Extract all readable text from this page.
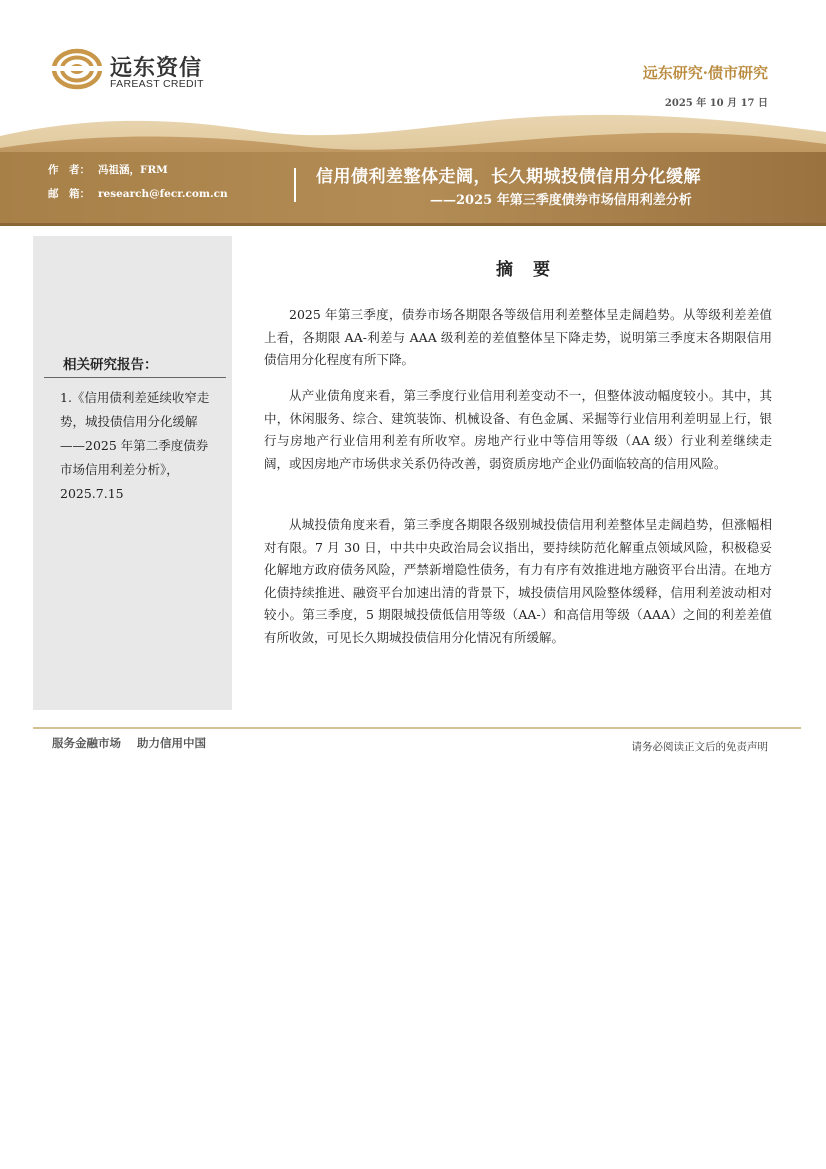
远东资信
FAREAST CREDIT
远东研究·债市研究
2025 年 10 月 17 日
作　者： 冯祖涵，FRM
邮　箱： research@fecr.com.cn
信用债利差整体走阔，长久期城投债信用分化缓解
——2025 年第三季度债券市场信用利差分析
相关研究报告：
1.《信用债利差延续收窄走势，城投债信用分化缓解——2025 年第二季度债券市场信用利差分析》，2025.7.15
摘要

2025 年第三季度，债券市场各期限各等级信用利差整体呈走阔趋势。从等级利差差值上看，各期限 AA-利差与 AAA 级利差的差值整体呈下降走势，说明第三季度末各期限信用债信用分化程度有所下降。

从产业债角度来看，第三季度行业信用利差变动不一，但整体波动幅度较小。其中，其中，休闲服务、综合、建筑装饰、机械设备、有色金属、采掘等行业信用利差明显上行，银行与房地产行业信用利差有所收窄。房地产行业中等信用等级（AA 级）行业利差继续走阔，或因房地产市场供求关系仍待改善，弱资质房地产企业仍面临较高的信用风险。

从城投债角度来看，第三季度各期限各级别城投债信用利差整体呈走阔趋势，但涨幅相对有限。7 月 30 日，中共中央政治局会议指出，要持续防范化解重点领域风险，积极稳妥化解地方政府债务风险，严禁新增隐性债务，有力有序有效推进地方融资平台出清。在地方化债持续推进、融资平台加速出清的背景下，城投债信用风险整体缓释，信用利差波动相对较小。第三季度，5 期限城投债低信用等级（AA-）和高信用等级（AAA）之间的利差差值有所收敛，可见长久期城投债信用分化情况有所缓解。

服务金融市场 助力信用中国	请务必阅读正文后的免责声明
